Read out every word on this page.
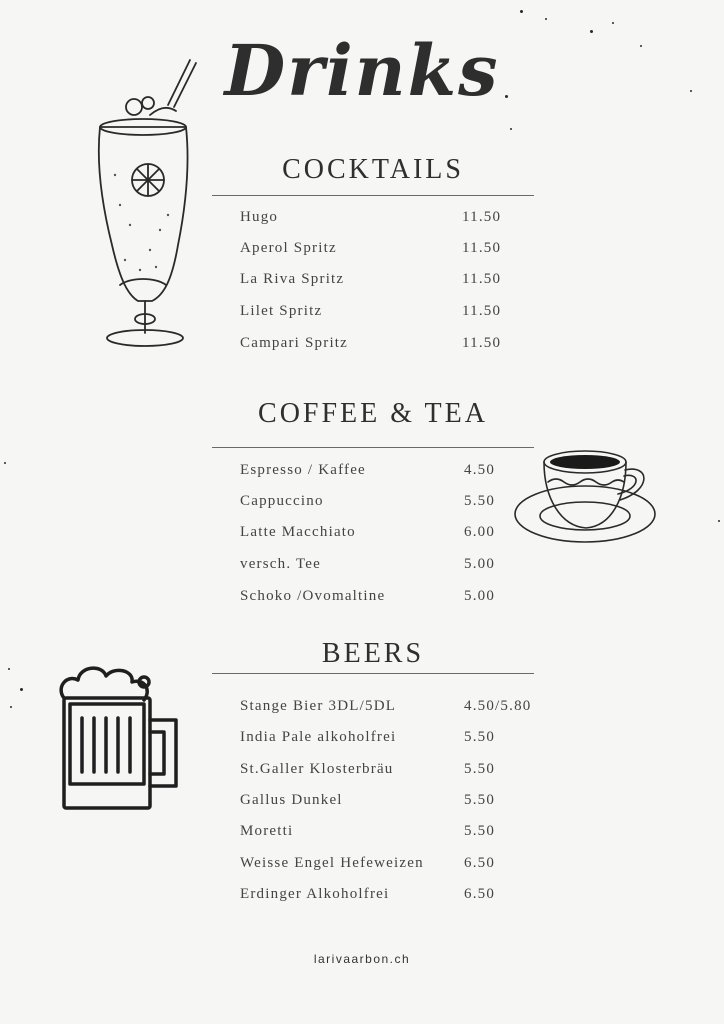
Drinks
COCKTAILS
Hugo	11.50
Aperol Spritz	11.50
La Riva Spritz	11.50
Lilet Spritz	11.50
Campari Spritz	11.50
COFFEE & TEA
Espresso / Kaffee	4.50
Cappuccino	5.50
Latte Macchiato	6.00
versch. Tee	5.00
Schoko /Ovomaltine	5.00
BEERS
Stange Bier 3DL/5DL	4.50/5.80
India Pale alkoholfrei	5.50
St.Galler Klosterbräu	5.50
Gallus Dunkel	5.50
Moretti	5.50
Weisse Engel Hefeweizen	6.50
Erdinger Alkoholfrei	6.50
larivaarbon.ch
